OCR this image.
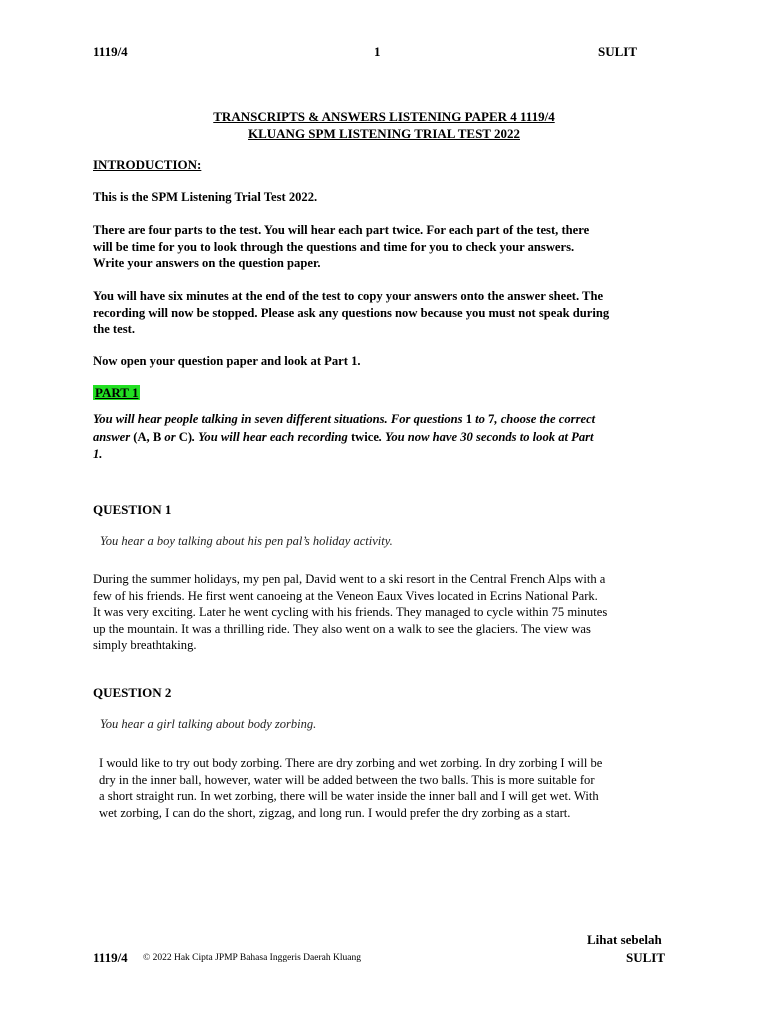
1119/4	1	SULIT
TRANSCRIPTS & ANSWERS LISTENING PAPER 4 1119/4
KLUANG SPM LISTENING TRIAL TEST 2022
INTRODUCTION:
This is the SPM Listening Trial Test 2022.
There are four parts to the test. You will hear each part twice. For each part of the test, there
will be time for you to look through the questions and time for you to check your answers.
Write your answers on the question paper.
You will have six minutes at the end of the test to copy your answers onto the answer sheet. The
recording will now be stopped. Please ask any questions now because you must not speak during
the test.
Now open your question paper and look at Part 1.
PART 1
You will hear people talking in seven different situations. For questions 1 to 7, choose the correct
answer (A, B or C). You will hear each recording twice. You now have 30 seconds to look at Part
1.
QUESTION 1
You hear a boy talking about his pen pal’s holiday activity.
During the summer holidays, my pen pal, David went to a ski resort in the Central French Alps with a
few of his friends. He first went canoeing at the Veneon Eaux Vives located in Ecrins National Park.
It was very exciting. Later he went cycling with his friends. They managed to cycle within 75 minutes
up the mountain. It was a thrilling ride. They also went on a walk to see the glaciers. The view was
simply breathtaking.
QUESTION 2
You hear a girl talking about body zorbing.
I would like to try out body zorbing. There are dry zorbing and wet zorbing. In dry zorbing I will be
dry in the inner ball, however, water will be added between the two balls. This is more suitable for
a short straight run. In wet zorbing, there will be water inside the inner ball and I will get wet. With
wet zorbing, I can do the short, zigzag, and long run. I would prefer the dry zorbing as a start.
Lihat sebelah
1119/4 © 2022 Hak Cipta JPMP Bahasa Inggeris Daerah Kluang	SULIT
